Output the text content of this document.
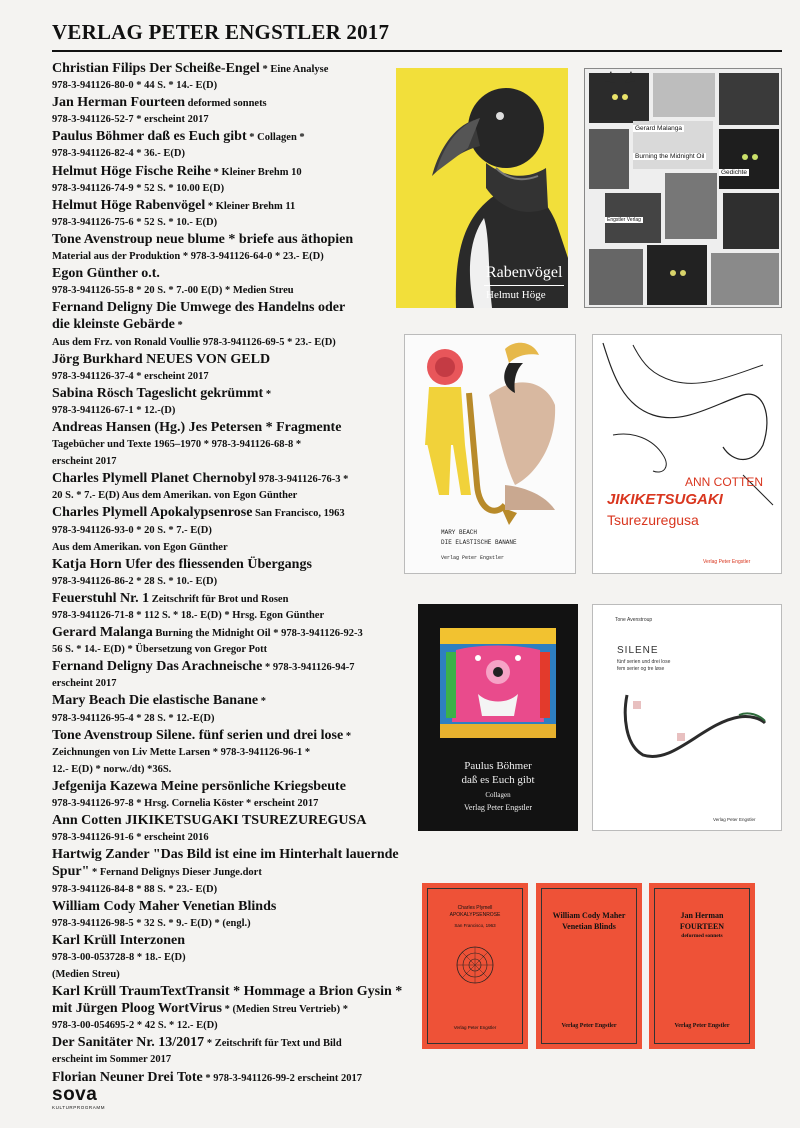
VERLAG PETER ENGSTLER 2017
Christian Filips Der Scheiße-Engel * Eine Analyse
978-3-941126-80-0 * 44 S. * 14.- E(D)
Jan Herman Fourteen deformed sonnets
978-3-941126-52-7 * erscheint 2017
Paulus Böhmer daß es Euch gibt * Collagen *
978-3-941126-82-4 * 36.- E(D)
Helmut Höge Fische Reihe * Kleiner Brehm 10
978-3-941126-74-9 * 52 S. * 10.00 E(D)
Helmut Höge Rabenvögel * Kleiner Brehm 11
978-3-941126-75-6 * 52 S. * 10.- E(D)
Tone Avenstroup neue blume * briefe aus äthopien
Material aus der Produktion * 978-3-941126-64-0 * 23.- E(D)
Egon Günther o.t.
978-3-941126-55-8 * 20 S. * 7.-00 E(D) * Medien Streu
Fernand Deligny Die Umwege des Handelns oder
die kleinste Gebärde *
Aus dem Frz. von Ronald Voullie 978-3-941126-69-5 * 23.- E(D)
Jörg Burkhard NEUES VON GELD
978-3-941126-37-4 * erscheint 2017
Sabina Rösch Tageslicht gekrümmt *
978-3-941126-67-1 * 12.-(D)
Andreas Hansen (Hg.) Jes Petersen * Fragmente
Tagebücher und Texte 1965–1970 * 978-3-941126-68-8 *
erscheint 2017
Charles Plymell Planet Chernobyl 978-3-941126-76-3 *
20 S. * 7.- E(D) Aus dem Amerikan. von Egon Günther
Charles Plymell Apokalypsenrose San Francisco, 1963
978-3-941126-93-0 * 20 S. * 7.- E(D)
Aus dem Amerikan. von Egon Günther
Katja Horn Ufer des fliessenden Übergangs
978-3-941126-86-2 * 28 S. * 10.- E(D)
Feuerstuhl Nr. 1 Zeitschrift für Brot und Rosen
978-3-941126-71-8 * 112 S. * 18.- E(D) * Hrsg. Egon Günther
Gerard Malanga Burning the Midnight Oil * 978-3-941126-92-3
56 S. * 14.- E(D) * Übersetzung von Gregor Pott
Fernand Deligny Das Arachneische * 978-3-941126-94-7
erscheint 2017
Mary Beach Die elastische Banane *
978-3-941126-95-4 * 28 S. * 12.-E(D)
Tone Avenstroup Silene. fünf serien und drei lose *
Zeichnungen von Liv Mette Larsen * 978-3-941126-96-1 *
12.- E(D) * norw./dt) *36S.
Jefgenija Kazewa Meine persönliche Kriegsbeute
978-3-941126-97-8 * Hrsg. Cornelia Köster * erscheint 2017
Ann Cotten JIKIKETSUGAKI TSUREZUREGUSA
978-3-941126-91-6 * erscheint 2016
Hartwig Zander "Das Bild ist eine im Hinterhalt lauernde
Spur" * Fernand Delignys Dieser Junge.dort
978-3-941126-84-8 * 88 S. * 23.- E(D)
William Cody Maher Venetian Blinds
978-3-941126-98-5 * 32 S. * 9.- E(D) * (engl.)
Karl Krüll Interzonen
978-3-00-053728-8 * 18.- E(D)
(Medien Streu)
Karl Krüll TraumTextTransit * Hommage a Brion Gysin *
mit Jürgen Ploog WortVirus * (Medien Streu Vertrieb) *
978-3-00-054695-2 * 42 S. * 12.- E(D)
Der Sanitäter Nr. 13/2017 * Zeitschrift für Text und Bild
erscheint im Sommer 2017
Florian Neuner Drei Tote * 978-3-941126-99-2 erscheint 2017
sova
KULTURPROGRAMM
Rabenvögel
Helmut Höge
Gerard Malanga
Burning the Midnight Oil
Gedichte
Engstler Verlag
MARY BEACH
DIE ELASTISCHE BANANE
Verlag Peter Engstler
ANN COTTEN
JIKIKETSUGAKI
Tsurezuregusa
Verlag Peter Engstler
Paulus Böhmer
daß es Euch gibt
Collagen
Verlag Peter Engstler
Tone Avenstroup
SILENE
fünf serien und drei lose
fem serier og tre løse
Verlag Peter Engstler
Charles Plymell
APOKALYPSENROSE
San Francisco, 1963
Verlag Peter Engstler
William Cody Maher
Venetian Blinds
Verlag Peter Engstler
Jan Herman
FOURTEEN
deformed sonnets
Verlag Peter Engstler
